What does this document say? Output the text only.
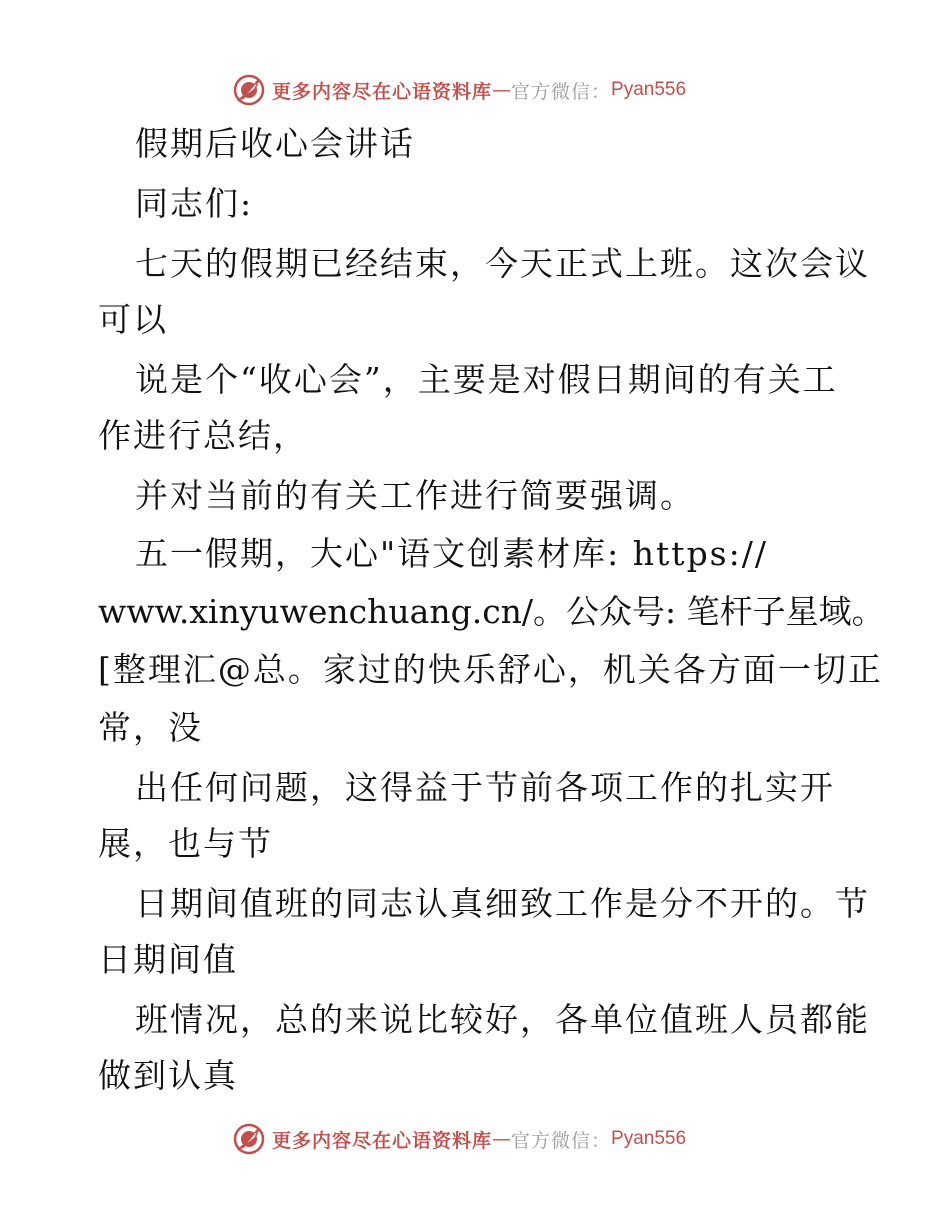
更多内容尽在心语资料库 — 官方微信： Pyan556
假期后收心会讲话
同志们:
七天的假期已经结束，今天正式上班。这次会议
可以
说是个“收心会”，主要是对假日期间的有关工
作进行总结，
并对当前的有关工作进行简要强调。
五一假期，大心"语文创素材库: https://
www.xinyuwenchuang.cn/。公众号: 笔杆子星域。
[整理汇@总。家过的快乐舒心，机关各方面一切正
常，没
出任何问题，这得益于节前各项工作的扎实开
展，也与节
日期间值班的同志认真细致工作是分不开的。节
日期间值
班情况，总的来说比较好，各单位值班人员都能
做到认真
更多内容尽在心语资料库 — 官方微信： Pyan556
